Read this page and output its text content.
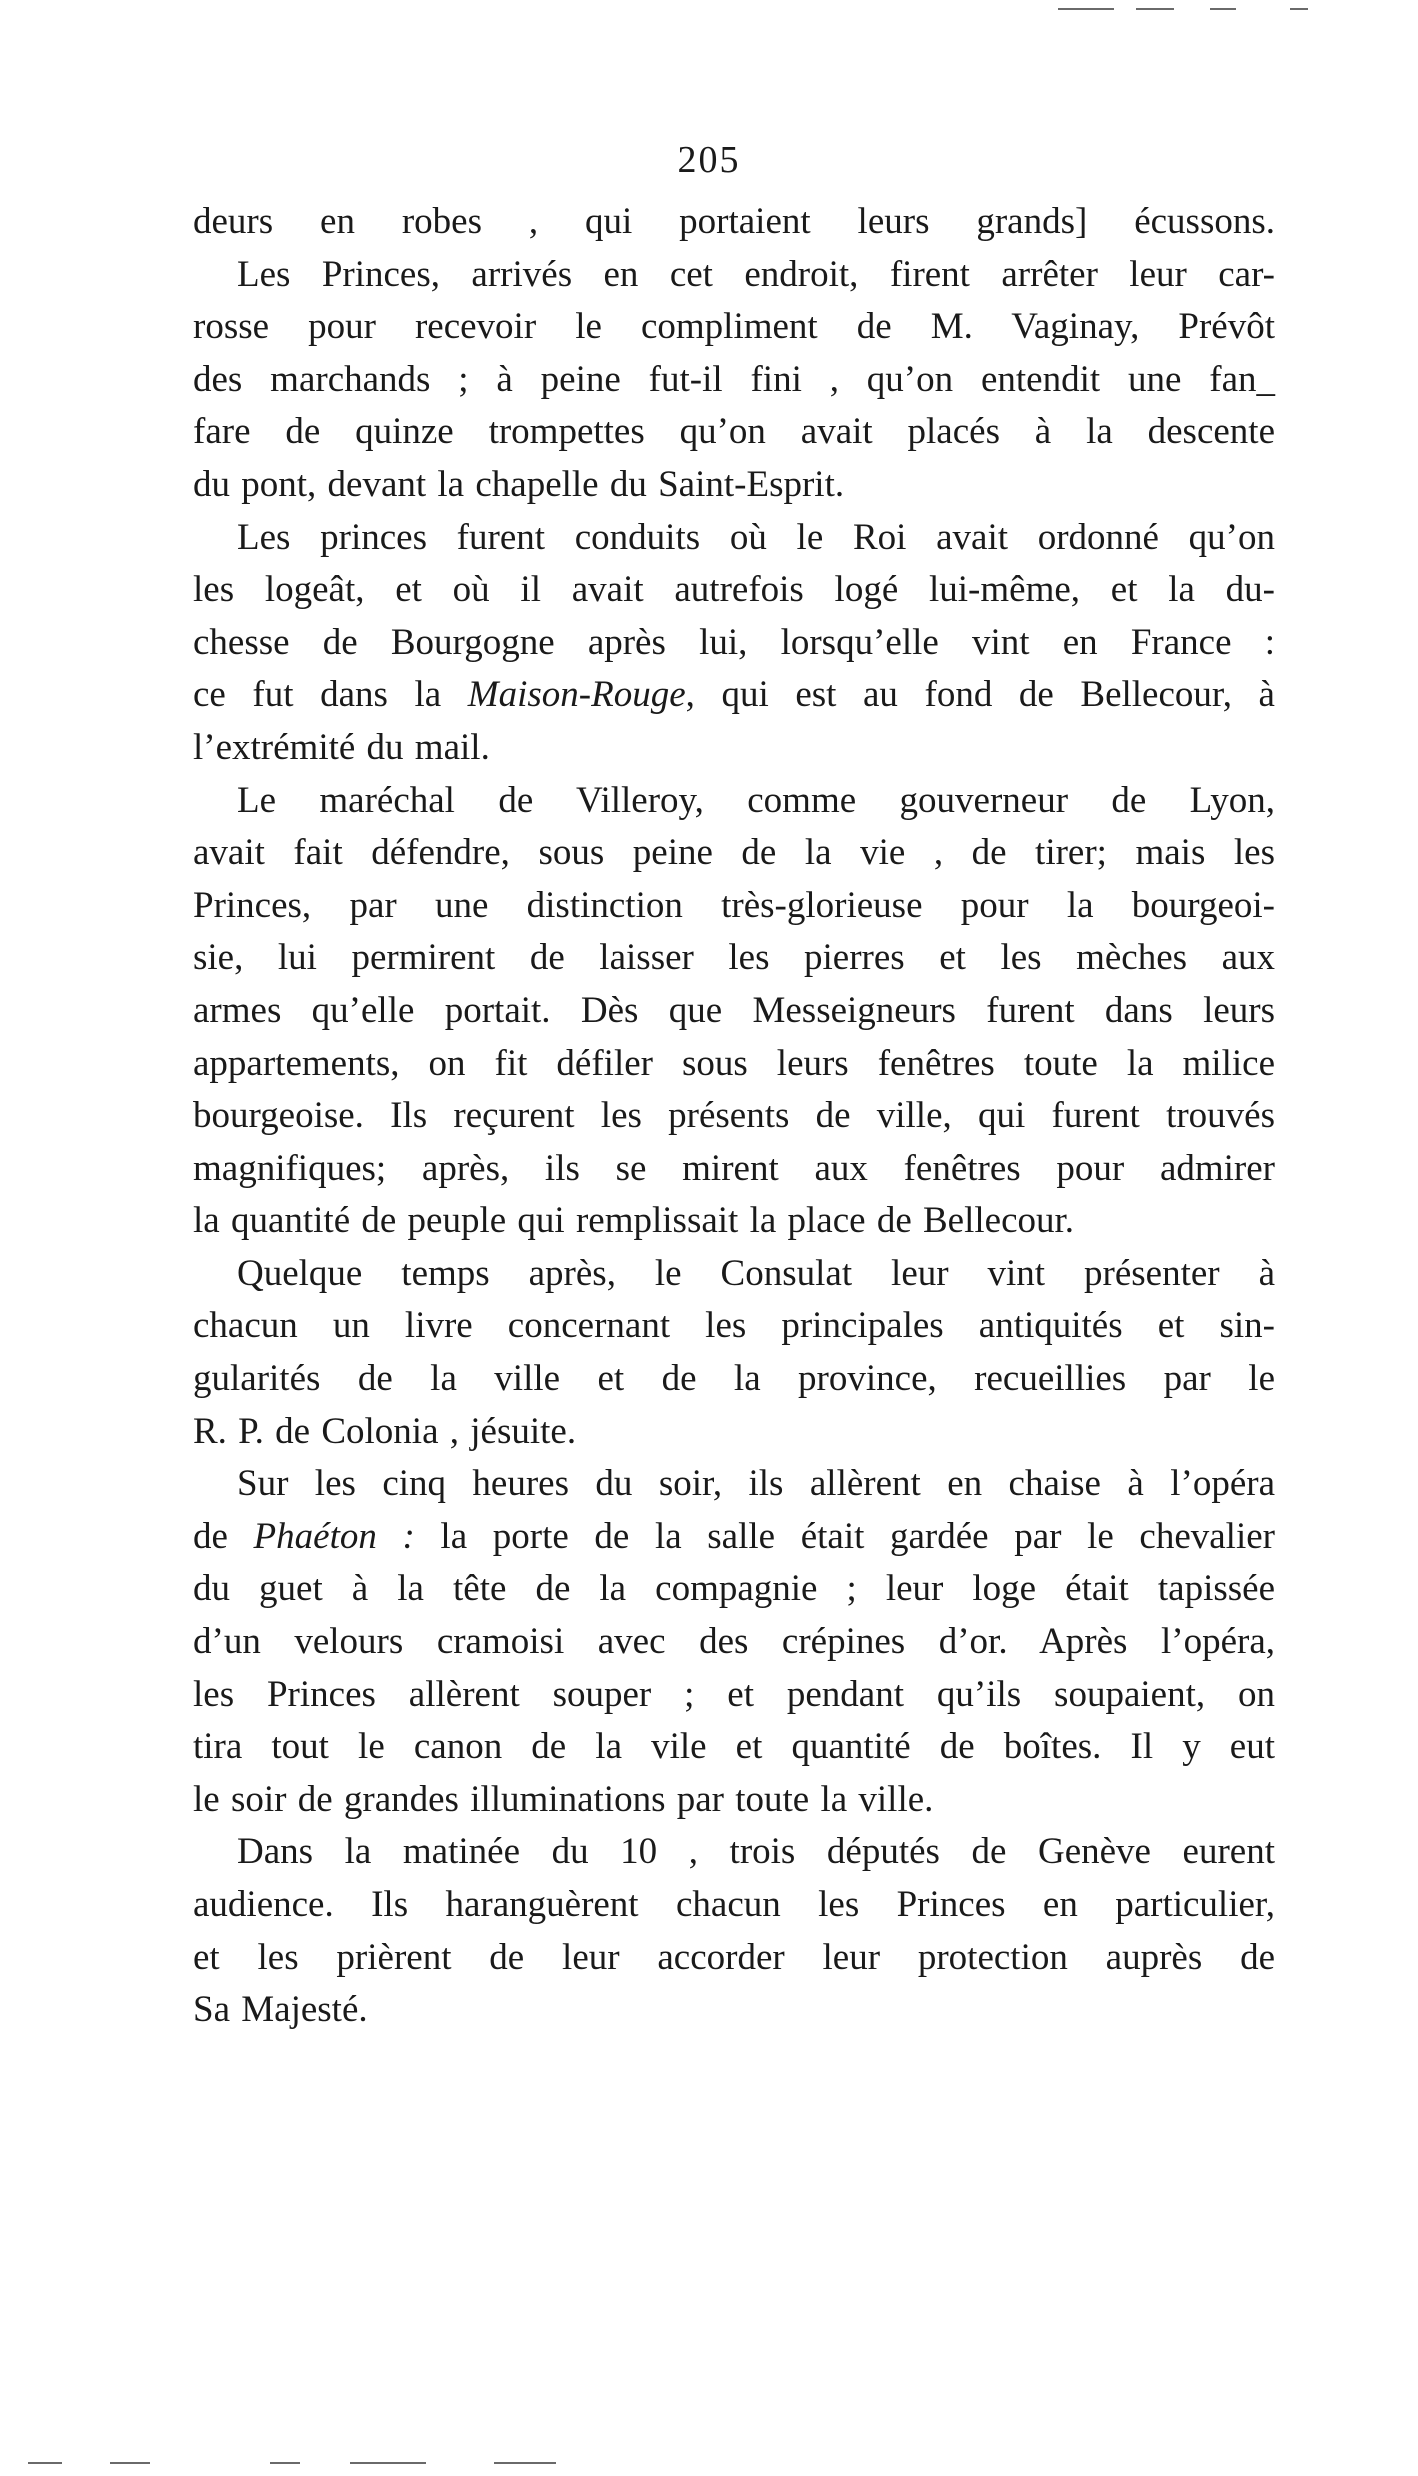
205
deurs en robes , qui portaient leurs grands] écussons.
Les Princes, arrivés en cet endroit, firent arrêter leur car-
rosse pour recevoir le compliment de M. Vaginay, Prévôt
des marchands ; à peine fut-il fini , qu’on entendit une fan_
fare de quinze trompettes qu’on avait placés à la descente
du pont, devant la chapelle du Saint-Esprit.
Les princes furent conduits où le Roi avait ordonné qu’on
les logeât, et où il avait autrefois logé lui-même, et la du-
chesse de Bourgogne après lui, lorsqu’elle vint en France :
ce fut dans la Maison-Rouge, qui est au fond de Bellecour, à
l’extrémité du mail.
Le maréchal de Villeroy, comme gouverneur de Lyon,
avait fait défendre, sous peine de la vie , de tirer; mais les
Princes, par une distinction très-glorieuse pour la bourgeoi-
sie, lui permirent de laisser les pierres et les mèches aux
armes qu’elle portait. Dès que Messeigneurs furent dans leurs
appartements, on fit défiler sous leurs fenêtres toute la milice
bourgeoise. Ils reçurent les présents de ville, qui furent trouvés
magnifiques; après, ils se mirent aux fenêtres pour admirer
la quantité de peuple qui remplissait la place de Bellecour.
Quelque temps après, le Consulat leur vint présenter à
chacun un livre concernant les principales antiquités et sin-
gularités de la ville et de la province, recueillies par le
R. P. de Colonia , jésuite.
Sur les cinq heures du soir, ils allèrent en chaise à l’opéra
de Phaéton : la porte de la salle était gardée par le chevalier
du guet à la tête de la compagnie ; leur loge était tapissée
d’un velours cramoisi avec des crépines d’or. Après l’opéra,
les Princes allèrent souper ; et pendant qu’ils soupaient, on
tira tout le canon de la vile et quantité de boîtes. Il y eut
le soir de grandes illuminations par toute la ville.
Dans la matinée du 10 , trois députés de Genève eurent
audience. Ils haranguèrent chacun les Princes en particulier,
et les prièrent de leur accorder leur protection auprès de
Sa Majesté.
